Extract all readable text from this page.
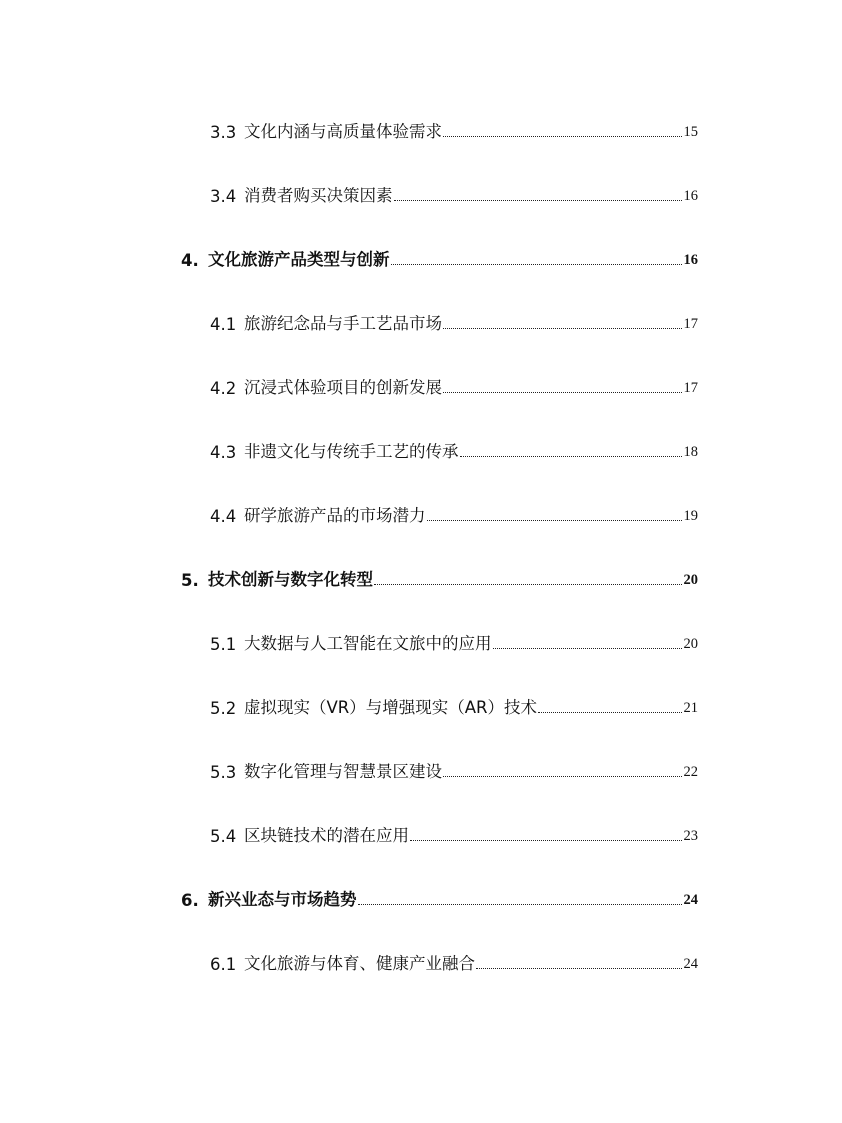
3.3 文化内涵与高质量体验需求	15
3.4 消费者购买决策因素	16
4. 文化旅游产品类型与创新	16
4.1 旅游纪念品与手工艺品市场	17
4.2 沉浸式体验项目的创新发展	17
4.3 非遗文化与传统手工艺的传承	18
4.4 研学旅游产品的市场潜力	19
5. 技术创新与数字化转型	20
5.1 大数据与人工智能在文旅中的应用	20
5.2 虚拟现实（VR）与增强现实（AR）技术	21
5.3 数字化管理与智慧景区建设	22
5.4 区块链技术的潜在应用	23
6. 新兴业态与市场趋势	24
6.1 文化旅游与体育、健康产业融合	24
